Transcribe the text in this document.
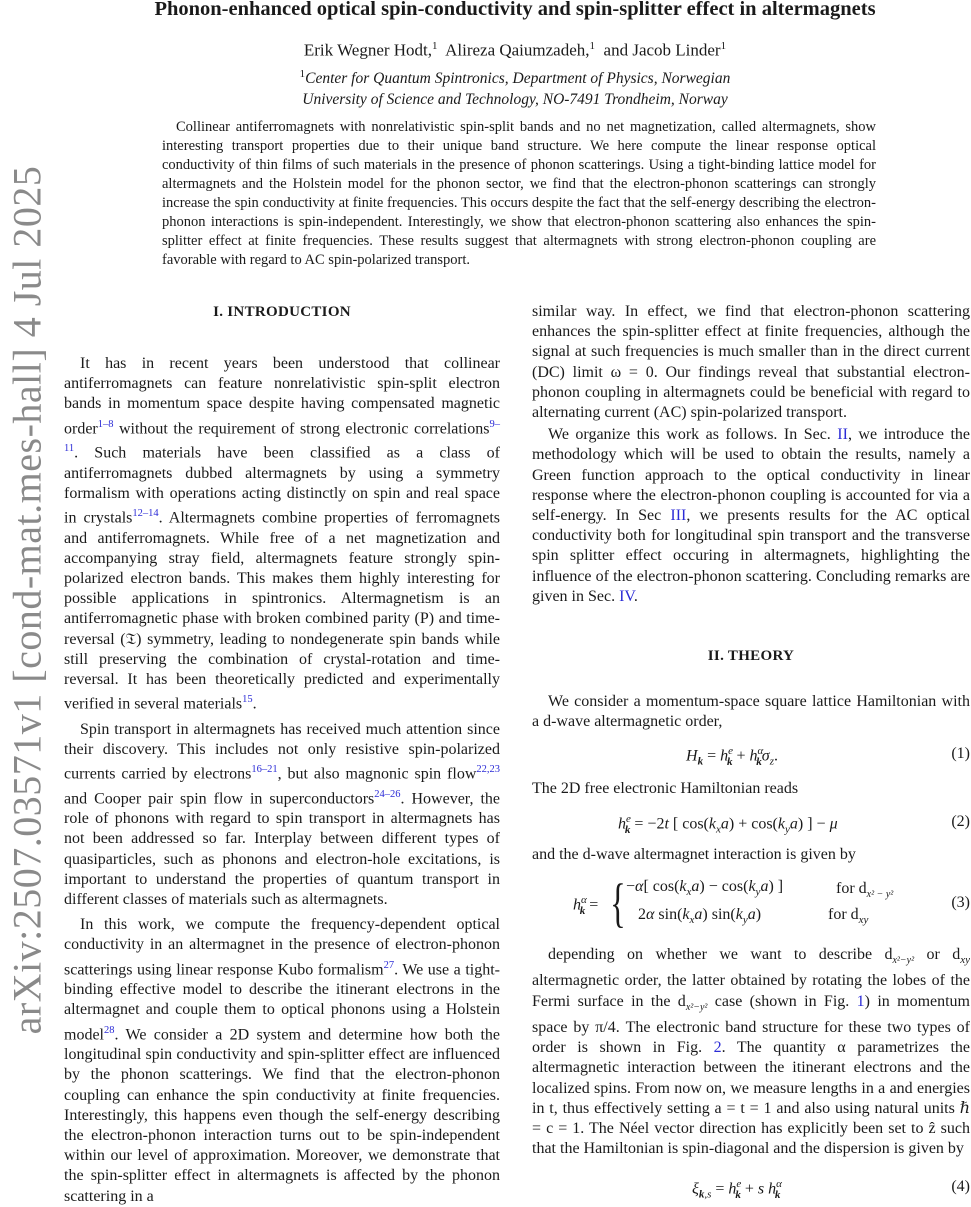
arXiv:2507.03571v1 [cond-mat.mes-hall] 4 Jul 2025
Phonon-enhanced optical spin-conductivity and spin-splitter effect in altermagnets
Erik Wegner Hodt,$^1$ Alireza Qaiumzadeh,$^1$ and Jacob Linder$^1$
$^1$Center for Quantum Spintronics, Department of Physics, Norwegian
University of Science and Technology, NO-7491 Trondheim, Norway
Collinear antiferromagnets with nonrelativistic spin-split bands and no net magnetization, called altermagnets, show interesting transport properties due to their unique band structure. We here compute the linear response optical conductivity of thin films of such materials in the presence of phonon scatterings. Using a tight-binding lattice model for altermagnets and the Holstein model for the phonon sector, we find that the electron-phonon scatterings can strongly increase the spin conductivity at finite frequencies. This occurs despite the fact that the self-energy describing the electron-phonon interactions is spin-independent. Interestingly, we show that electron-phonon scattering also enhances the spin-splitter effect at finite frequencies. These results suggest that altermagnets with strong electron-phonon coupling are favorable with regard to AC spin-polarized transport.
I. INTRODUCTION

It has in recent years been understood that collinear antiferromagnets can feature nonrelativistic spin-split electron bands in momentum space despite having compensated magnetic order$^{1-8}$ without the requirement of strong electronic correlations$^{9-11}$. Such materials have been classified as a class of antiferromagnets dubbed altermagnets by using a symmetry formalism with operations acting distinctly on spin and real space in crystals$^{12-14}$. Altermagnets combine properties of ferromagnets and antiferromagnets. While free of a net magnetization and accompanying stray field, altermagnets feature strongly spin-polarized electron bands. This makes them highly interesting for possible applications in spintronics. Altermagnetism is an antiferromagnetic phase with broken combined parity (P) and time-reversal (𝔗) symmetry, leading to nondegenerate spin bands while still preserving the combination of crystal-rotation and time-reversal. It has been theoretically predicted and experimentally verified in several materials$^{15}$.

Spin transport in altermagnets has received much attention since their discovery. This includes not only resistive spin-polarized currents carried by electrons$^{16-21}$, but also magnonic spin flow$^{22,23}$ and Cooper pair spin flow in superconductors$^{24-26}$. However, the role of phonons with regard to spin transport in altermagnets has not been addressed so far. Interplay between different types of quasiparticles, such as phonons and electron-hole excitations, is important to understand the properties of quantum transport in different classes of materials such as altermagnets.

In this work, we compute the frequency-dependent optical conductivity in an altermagnet in the presence of electron-phonon scatterings using linear response Kubo formalism$^{27}$. We use a tight-binding effective model to describe the itinerant electrons in the altermagnet and couple them to optical phonons using a Holstein model$^{28}$. We consider a 2D system and determine how both the longitudinal spin conductivity and spin-splitter effect are influenced by the phonon scatterings. We find that the electron-phonon coupling can enhance the spin conductivity at finite frequencies. Interestingly, this happens even though the self-energy describing the electron-phonon interaction turns out to be spin-independent within our level of approximation. Moreover, we demonstrate that the spin-splitter effect in altermagnets is affected by the phonon scattering in a

similar way. In effect, we find that electron-phonon scattering enhances the spin-splitter effect at finite frequencies, although the signal at such frequencies is much smaller than in the direct current (DC) limit ω = 0. Our findings reveal that substantial electron-phonon coupling in altermagnets could be beneficial with regard to alternating current (AC) spin-polarized transport.

We organize this work as follows. In Sec. II, we introduce the methodology which will be used to obtain the results, namely a Green function approach to the optical conductivity in linear response where the electron-phonon coupling is accounted for via a self-energy. In Sec III, we presents results for the AC optical conductivity both for longitudinal spin transport and the transverse spin splitter effect occuring in altermagnets, highlighting the influence of the electron-phonon scattering. Concluding remarks are given in Sec. IV.

II. THEORY

We consider a momentum-space square lattice Hamiltonian with a d-wave altermagnetic order,

$H_k = h^e_k + h^\alpha_k\sigma_z$.	(1)

The 2D free electronic Hamiltonian reads

$h^e_k = -2t$ [ $\cos(k_xa) + \cos(k_ya)$ ] − μ	(2)

and the d-wave altermagnet interaction is given by

$h^\alpha_k$ = { −α[ $\cos(k_xa) - \cos(k_ya)$ ]	for $d_{x^2 - y^2}$
2α $\sin(k_xa)$ $\sin(k_ya)$	for $d_{xy}$
(3)

depending on whether we want to describe $d_{x^2-y^2}$ or $d_{xy}$ altermagnetic order, the latter obtained by rotating the lobes of the Fermi surface in the $d_{x^2-y^2}$ case (shown in Fig. 1) in momentum space by π/4. The electronic band structure for these two types of order is shown in Fig. 2. The quantity α parametrizes the altermagnetic interaction between the itinerant electrons and the localized spins. From now on, we measure lengths in a and energies in t, thus effectively setting a = t = 1 and also using natural units ℏ = c = 1. The Néel vector direction has explicitly been set to ẑ such that the Hamiltonian is spin-diagonal and the dispersion is given by

$\xi_{k,s} = h^e_k + s$ $h^\alpha_k$	(4)
